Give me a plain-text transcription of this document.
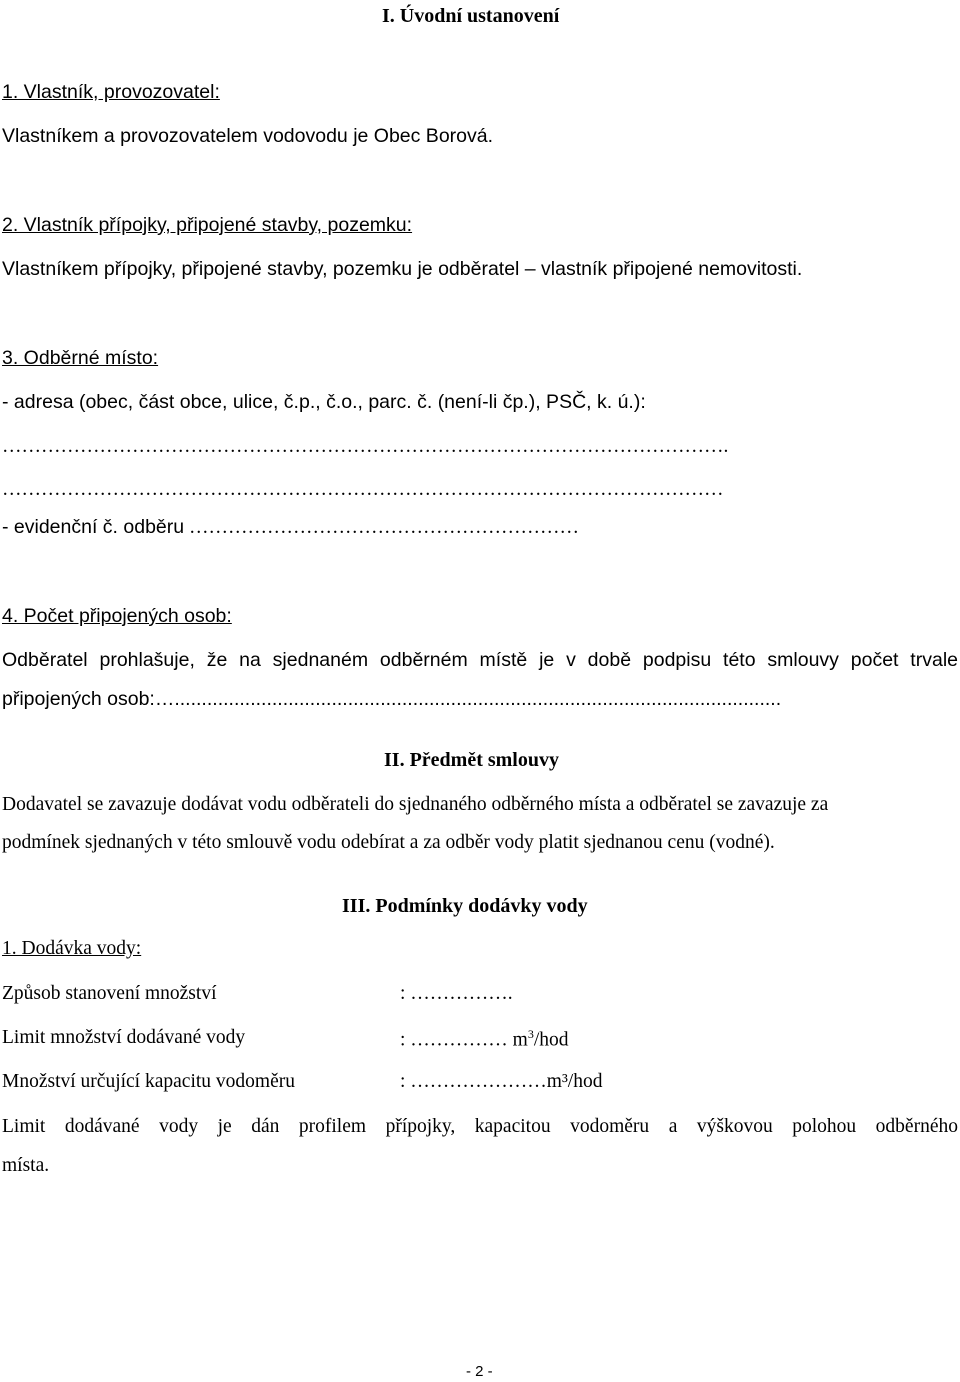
I. Úvodní ustanovení
1. Vlastník, provozovatel:
Vlastníkem a provozovatelem vodovodu je Obec Borová.
2. Vlastník přípojky, připojené stavby, pozemku:
Vlastníkem přípojky, připojené stavby, pozemku je odběratel – vlastník připojené nemovitosti.
3. Odběrné místo:
- adresa (obec, část obce, ulice, č.p., č.o., parc. č. (není-li čp.), PSČ, k. ú.):
………………………………………………………………………………………………….
…………………………………………………………………………………………………
- evidenční č. odběru ……………………………………………………
4. Počet připojených osob:
Odběratel prohlašuje, že na sjednaném odběrném místě je v době podpisu této smlouvy počet trvale
připojených osob:…................................................................................................................
II. Předmět smlouvy
Dodavatel se zavazuje dodávat vodu odběrateli do sjednaného odběrného místa a odběratel se zavazuje za
podmínek sjednaných v této smlouvě vodu odebírat a za odběr vody platit sjednanou cenu (vodné).
III. Podmínky dodávky vody
1. Dodávka vody:
Způsob stanovení množství	: …………….
Limit množství dodávané vody	: …………… $m^3$/hod
Množství určující kapacitu vodoměru	: …………………m³/hod
Limit dodávané vody je dán profilem přípojky, kapacitou vodoměru a výškovou polohou odběrného
místa.
- 2 -
